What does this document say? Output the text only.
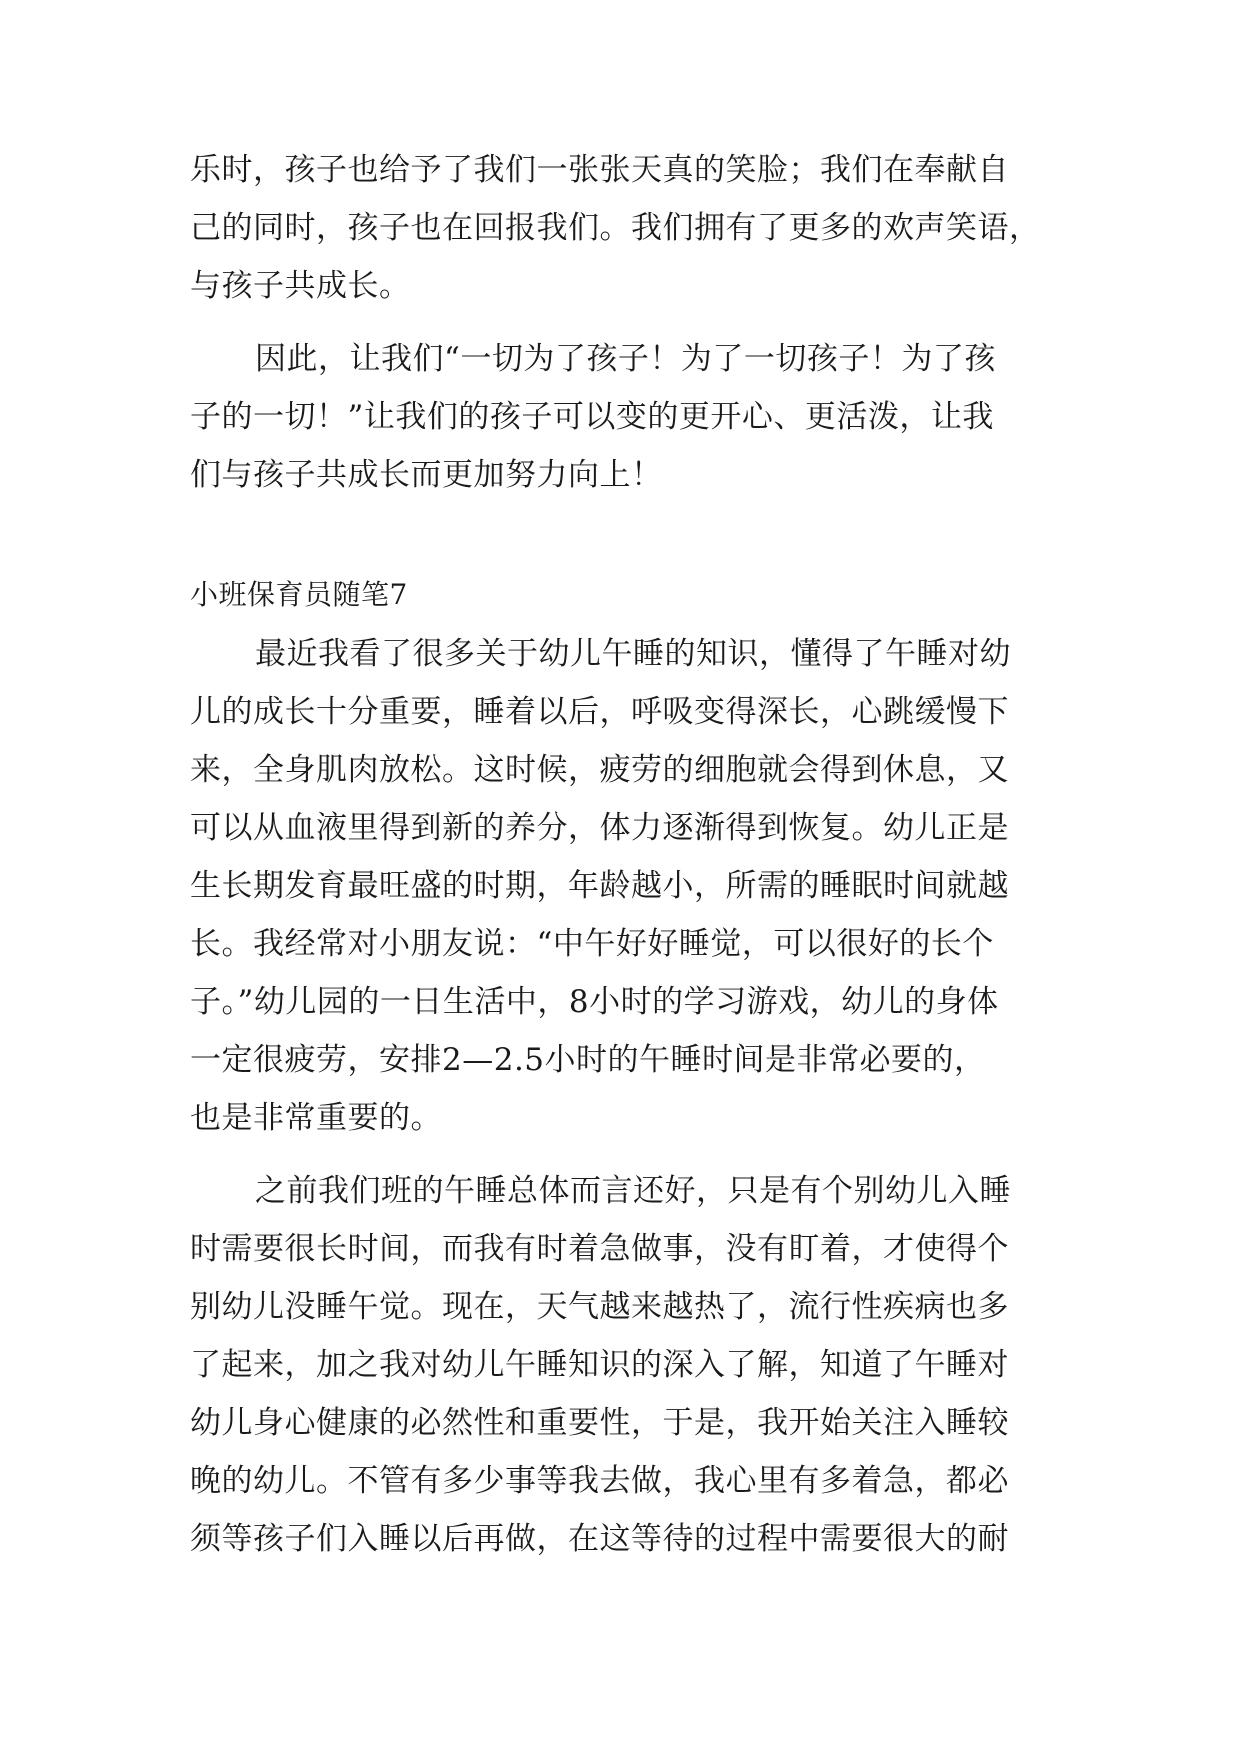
乐时，孩子也给予了我们一张张天真的笑脸；我们在奉献自
己的同时，孩子也在回报我们。我们拥有了更多的欢声笑语，
与孩子共成长。
因此，让我们“一切为了孩子！为了一切孩子！为了孩
子的一切！”让我们的孩子可以变的更开心、更活泼，让我
们与孩子共成长而更加努力向上！
小班保育员随笔7
最近我看了很多关于幼儿午睡的知识，懂得了午睡对幼
儿的成长十分重要，睡着以后，呼吸变得深长，心跳缓慢下
来，全身肌肉放松。这时候，疲劳的细胞就会得到休息，又
可以从血液里得到新的养分，体力逐渐得到恢复。幼儿正是
生长期发育最旺盛的时期，年龄越小，所需的睡眠时间就越
长。我经常对小朋友说：“中午好好睡觉，可以很好的长个
子。”幼儿园的一日生活中，8小时的学习游戏，幼儿的身体
一定很疲劳，安排2—2.5小时的午睡时间是非常必要的，
也是非常重要的。
之前我们班的午睡总体而言还好，只是有个别幼儿入睡
时需要很长时间，而我有时着急做事，没有盯着，才使得个
别幼儿没睡午觉。现在，天气越来越热了，流行性疾病也多
了起来，加之我对幼儿午睡知识的深入了解，知道了午睡对
幼儿身心健康的必然性和重要性，于是，我开始关注入睡较
晚的幼儿。不管有多少事等我去做，我心里有多着急，都必
须等孩子们入睡以后再做，在这等待的过程中需要很大的耐
